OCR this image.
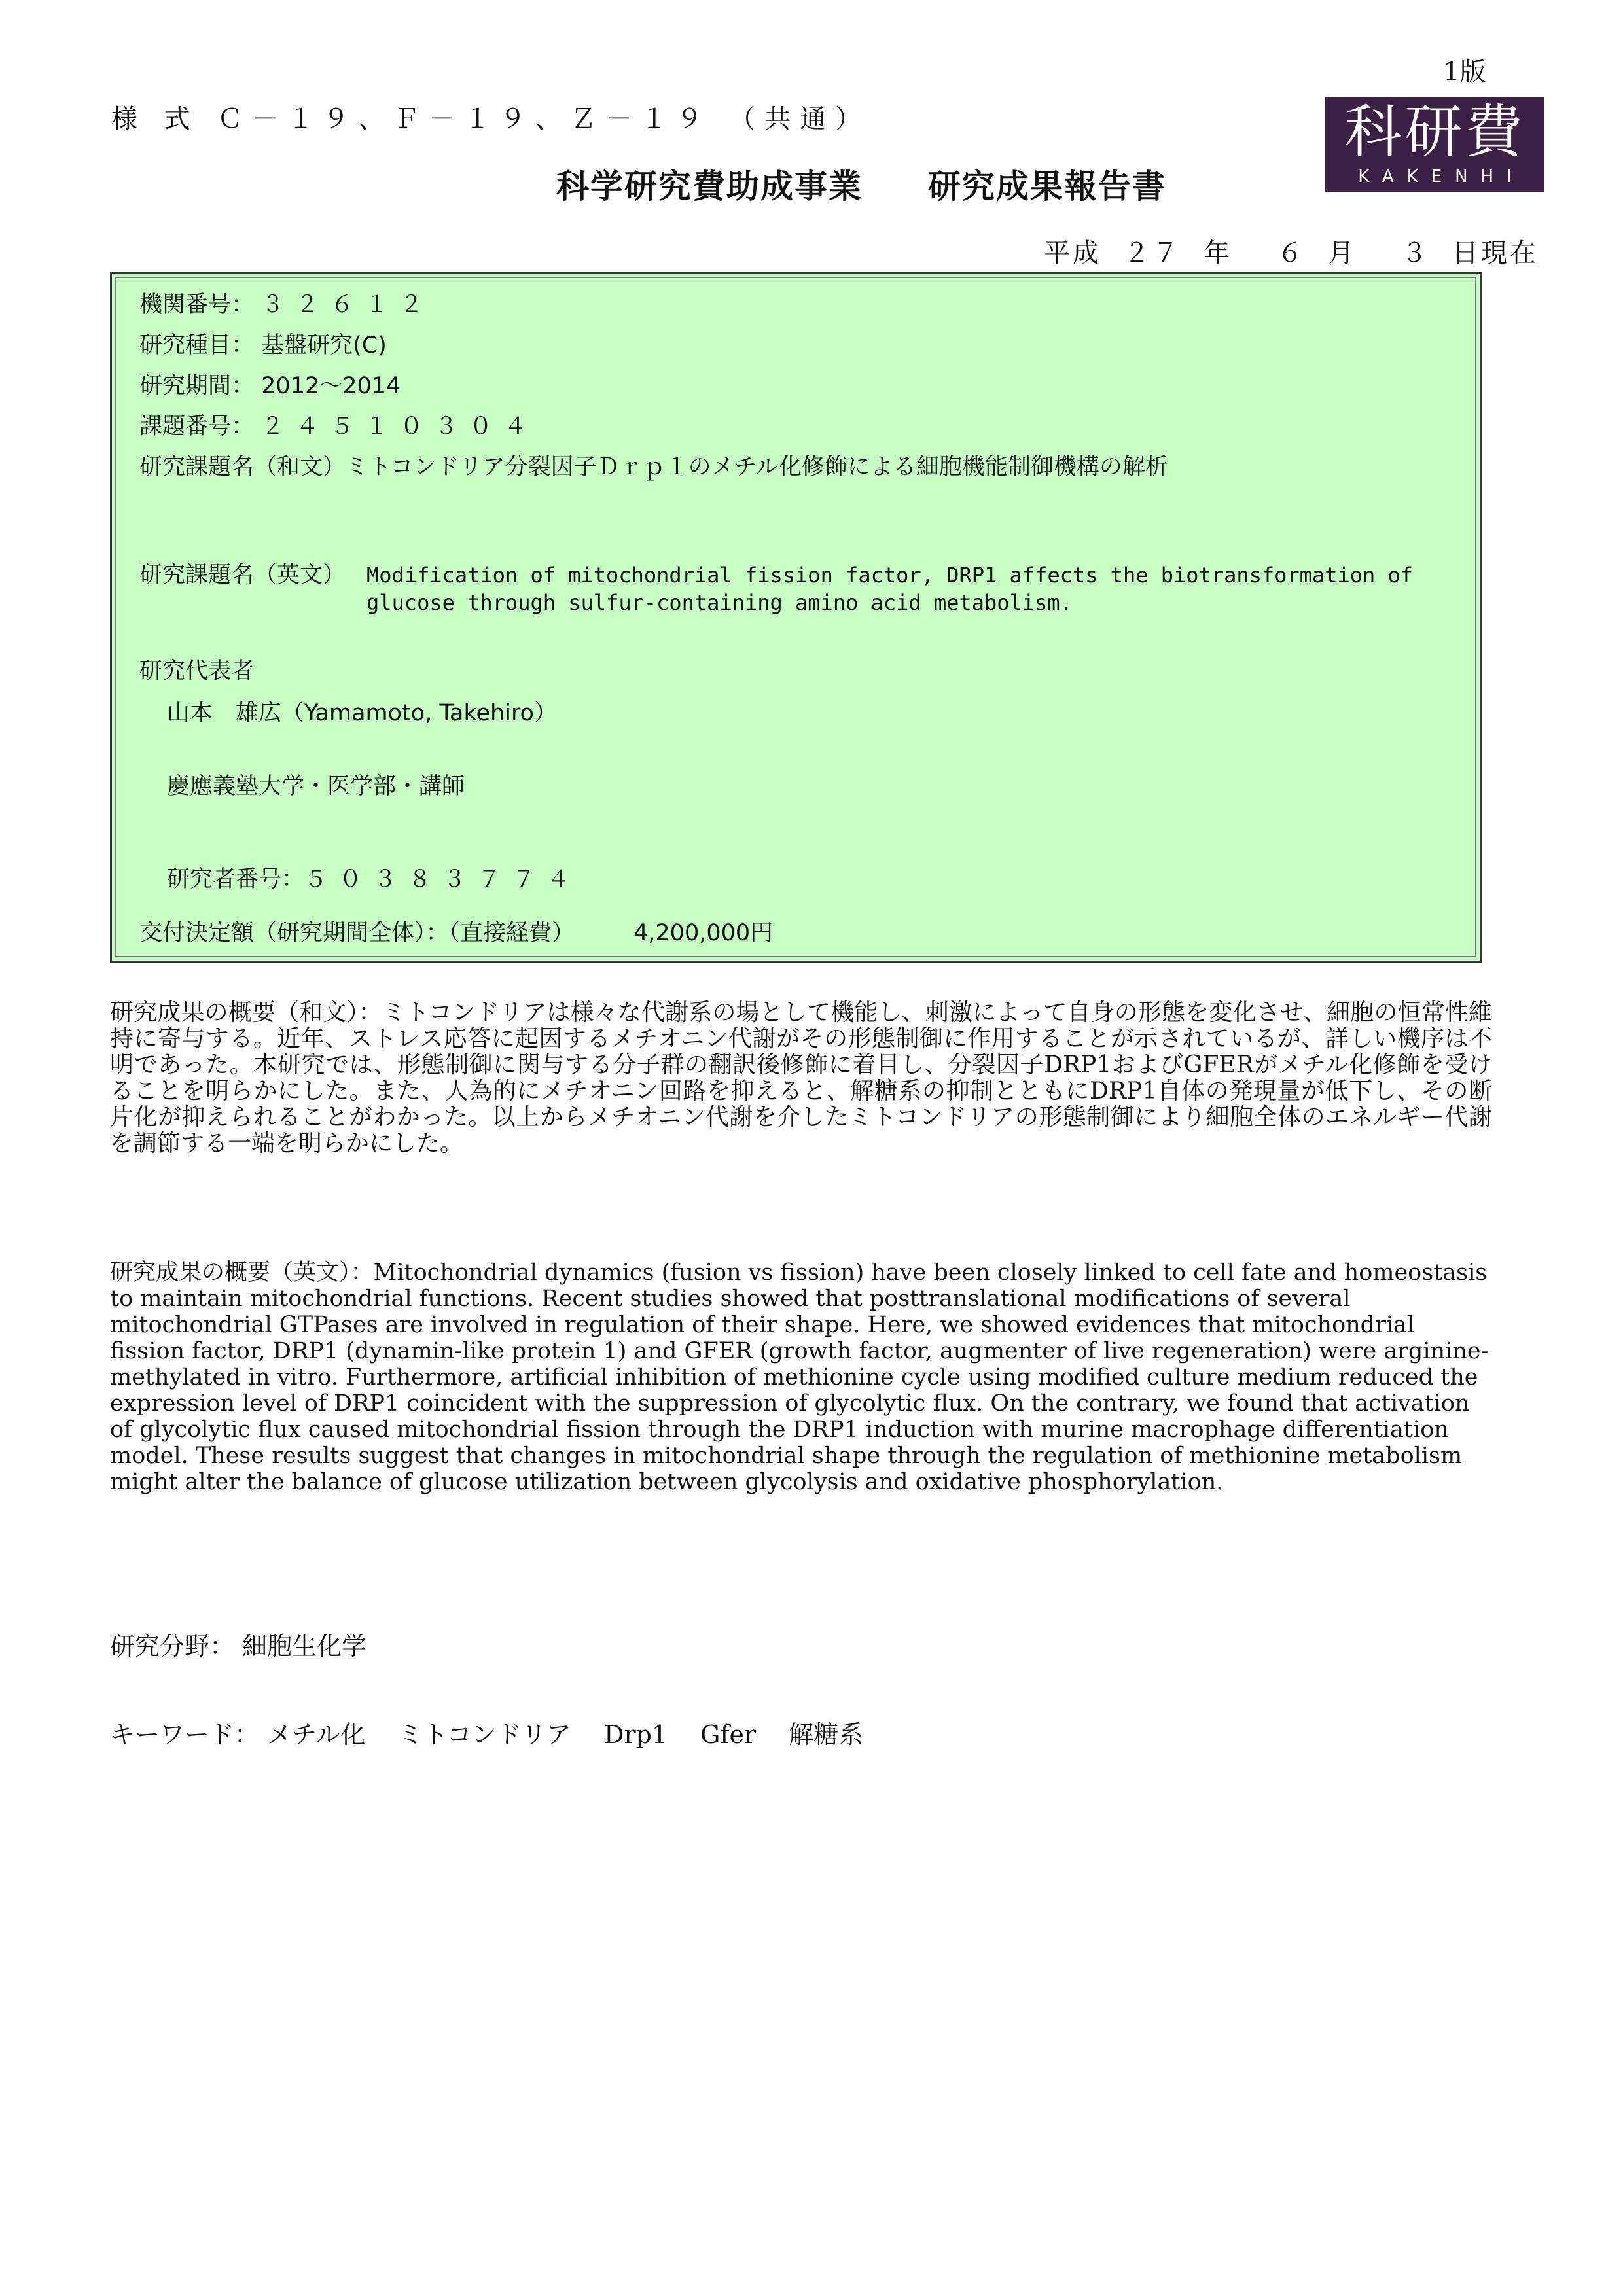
1版
様 式 Ｃ－１９、Ｆ－１９、Ｚ－１９ （共通）
科学研究費助成事業 研究成果報告書
科研費
KAKENHI
平成 ２７ 年 ６ 月 ３ 日現在
機関番号： ３２６１２
研究種目： 基盤研究(C)
研究期間： 2012～2014
課題番号： ２４５１０３０４
研究課題名（和文）ミトコンドリア分裂因子Ｄｒｐ１のメチル化修飾による細胞機能制御機構の解析
研究課題名（英文） Modification of mitochondrial fission factor, DRP1 affects the biotransformation of glucose through sulfur-containing amino acid metabolism.
研究代表者
山本　雄広（Yamamoto, Takehiro）
慶應義塾大学・医学部・講師
研究者番号：５０３８３７７４
交付決定額（研究期間全体）：（直接経費）	4,200,000円
研究成果の概要（和文）：ミトコンドリアは様々な代謝系の場として機能し、刺激によって自身の形態を変化させ、細胞の恒常性維持に寄与する。近年、ストレス応答に起因するメチオニン代謝がその形態制御に作用することが示されているが、詳しい機序は不明であった。本研究では、形態制御に関与する分子群の翻訳後修飾に着目し、分裂因子DRP1およびGFERがメチル化修飾を受けることを明らかにした。また、人為的にメチオニン回路を抑えると、解糖系の抑制とともにDRP1自体の発現量が低下し、その断片化が抑えられることがわかった。以上からメチオニン代謝を介したミトコンドリアの形態制御により細胞全体のエネルギー代謝を調節する一端を明らかにした。
研究成果の概要（英文）：Mitochondrial dynamics (fusion vs fission) have been closely linked to cell fate and homeostasis to maintain mitochondrial functions. Recent studies showed that posttranslational modifications of several mitochondrial GTPases are involved in regulation of their shape. Here, we showed evidences that mitochondrial fission factor, DRP1 (dynamin-like protein 1) and GFER (growth factor, augmenter of live regeneration) were arginine-methylated in vitro. Furthermore, artificial inhibition of methionine cycle using modified culture medium reduced the expression level of DRP1 coincident with the suppression of glycolytic flux. On the contrary, we found that activation of glycolytic flux caused mitochondrial fission through the DRP1 induction with murine macrophage differentiation model. These results suggest that changes in mitochondrial shape through the regulation of methionine metabolism might alter the balance of glucose utilization between glycolysis and oxidative phosphorylation.
研究分野： 細胞生化学
キーワード： メチル化 ミトコンドリア Drp1 Gfer 解糖系
